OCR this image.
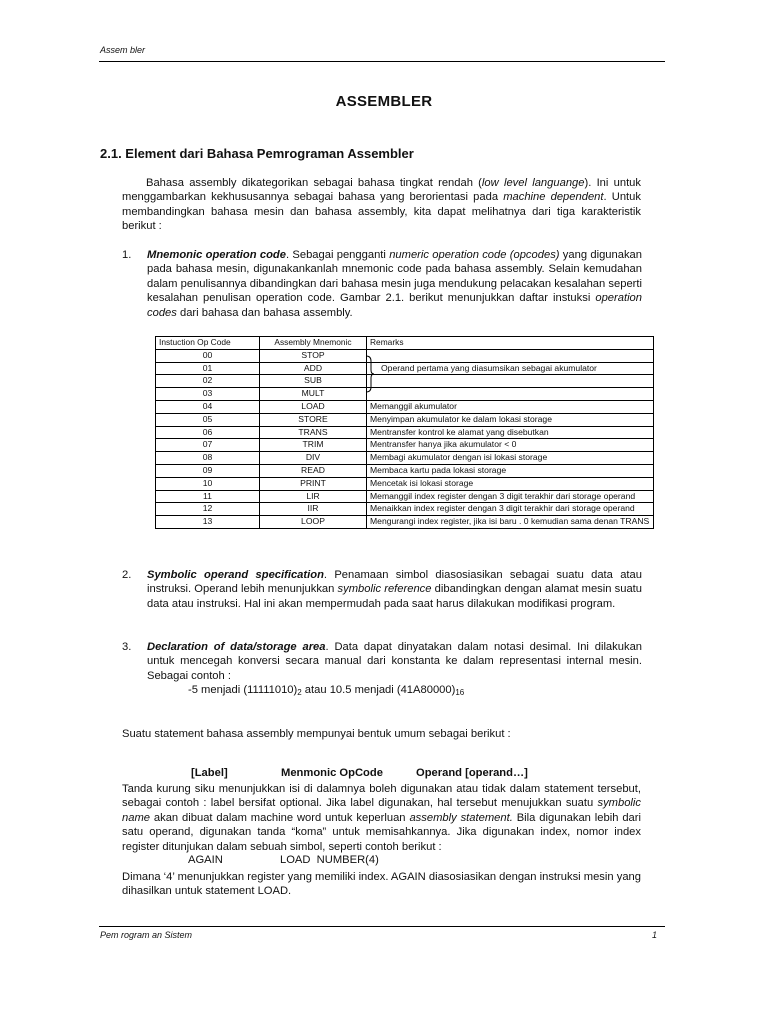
Assem bler
ASSEMBLER
2.1. Element dari Bahasa Pemrograman Assembler
Bahasa assembly dikategorikan sebagai bahasa tingkat rendah (low level languange). Ini untuk menggambarkan kekhususannya sebagai bahasa yang berorientasi pada machine dependent. Untuk membandingkan bahasa mesin dan bahasa assembly, kita dapat melihatnya dari tiga karakteristik berikut :
1. Mnemonic operation code. Sebagai pengganti numeric operation code (opcodes) yang digunakan pada bahasa mesin, digunakankanlah mnemonic code pada bahasa assembly. Selain kemudahan dalam penulisannya dibandingkan dari bahasa mesin juga mendukung pelacakan kesalahan seperti kesalahan penulisan operation code. Gambar 2.1. berikut menunjukkan daftar instuksi operation codes dari bahasa dan bahasa assembly.
Instuction Op Code	Assembly Mnemonic	Remarks
00	STOP	
01	ADD	Operand pertama yang diasumsikan sebagai akumulator
02	SUB	
03	MULT	
04	LOAD	Memanggil akumulator
05	STORE	Menyimpan akumulator ke dalam lokasi storage
06	TRANS	Mentransfer kontrol ke alamat yang disebutkan
07	TRIM	Mentransfer hanya jika akumulator < 0
08	DIV	Membagi akumulator dengan isi lokasi storage
09	READ	Membaca kartu pada lokasi storage
10	PRINT	Mencetak isi lokasi storage
11	LIR	Memanggil index register dengan 3 digit terakhir dari storage operand
12	IIR	Menaikkan index register dengan 3 digit terakhir dari storage operand
13	LOOP	Mengurangi index register, jika isi baru . 0 kemudian sama denan TRANS
2. Symbolic operand specification. Penamaan simbol diasosiasikan sebagai suatu data atau instruksi. Operand lebih menunjukkan symbolic reference dibandingkan dengan alamat mesin suatu data atau instruksi. Hal ini akan mempermudah pada saat harus dilakukan modifikasi program.
3. Declaration of data/storage area. Data dapat dinyatakan dalam notasi desimal. Ini dilakukan untuk mencegah konversi secara manual dari konstanta ke dalam representasi internal mesin. Sebagai contoh :
-5 menjadi $(11111010)_2$ atau 10.5 menjadi $(41A80000)_{16}$
Suatu statement bahasa assembly mempunyai bentuk umum sebagai berikut :
[Label]	Menmonic OpCode	Operand [operand…]
Tanda kurung siku menunjukkan isi di dalamnya boleh digunakan atau tidak dalam statement tersebut, sebagai contoh : label bersifat optional. Jika label digunakan, hal tersebut menujukkan suatu symbolic name akan dibuat dalam machine word untuk keperluan assembly statement. Bila digunakan lebih dari satu operand, digunakan tanda “koma” untuk memisahkannya. Jika digunakan index, nomor index register ditunjukan dalam sebuah simbol, seperti contoh berikut :
AGAIN	LOAD  NUMBER(4)
Dimana ‘4’ menunjukkan register yang memiliki index. AGAIN diasosiasikan dengan instruksi mesin yang dihasilkan untuk statement LOAD.
Pem rogram an Sistem	1
